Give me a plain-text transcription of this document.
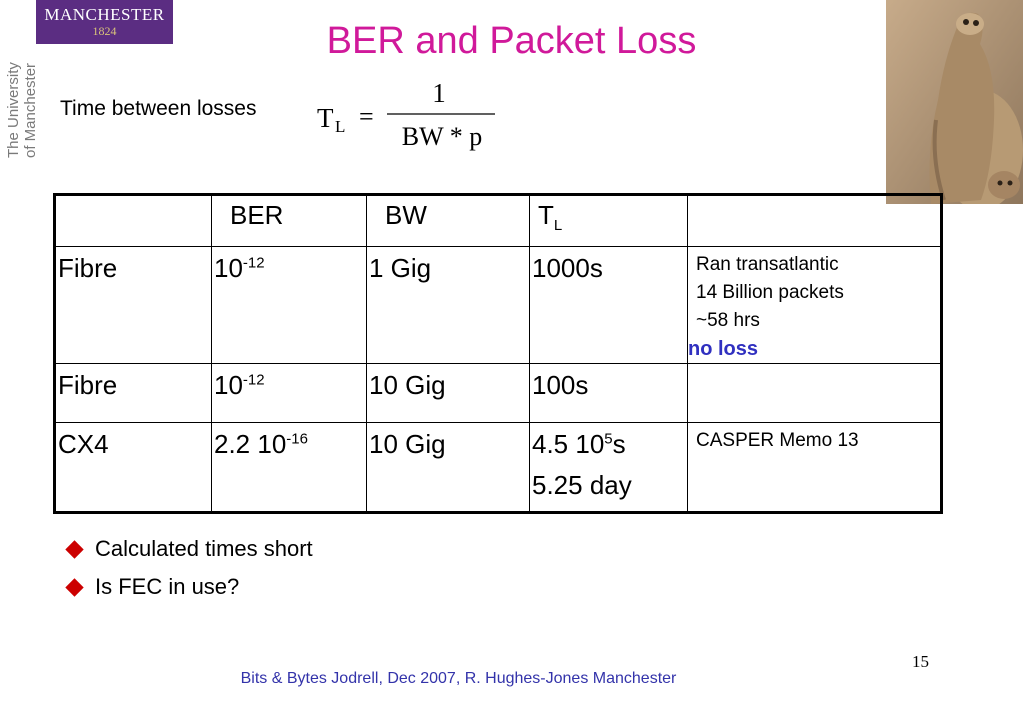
MANCHESTER
1824
The University of Manchester
BER and Packet Loss
Time between losses T L =
1
BW * p

	BER	BW	$T_L$

Fibre	$10^{-12}$	1 Gig	1000s	Ran transatlantic
14 Billion packets
~58 hrs
no loss

Fibre	$10^{-12}$	10 Gig	100s	

CX4	2.2 $10^{-16}$	10 Gig	4.5 $10^5s$
5.25 day	CASPER Memo 13
Calculated times short
Is FEC in use?
15
Bits & Bytes Jodrell, Dec 2007, R. Hughes-Jones Manchester
